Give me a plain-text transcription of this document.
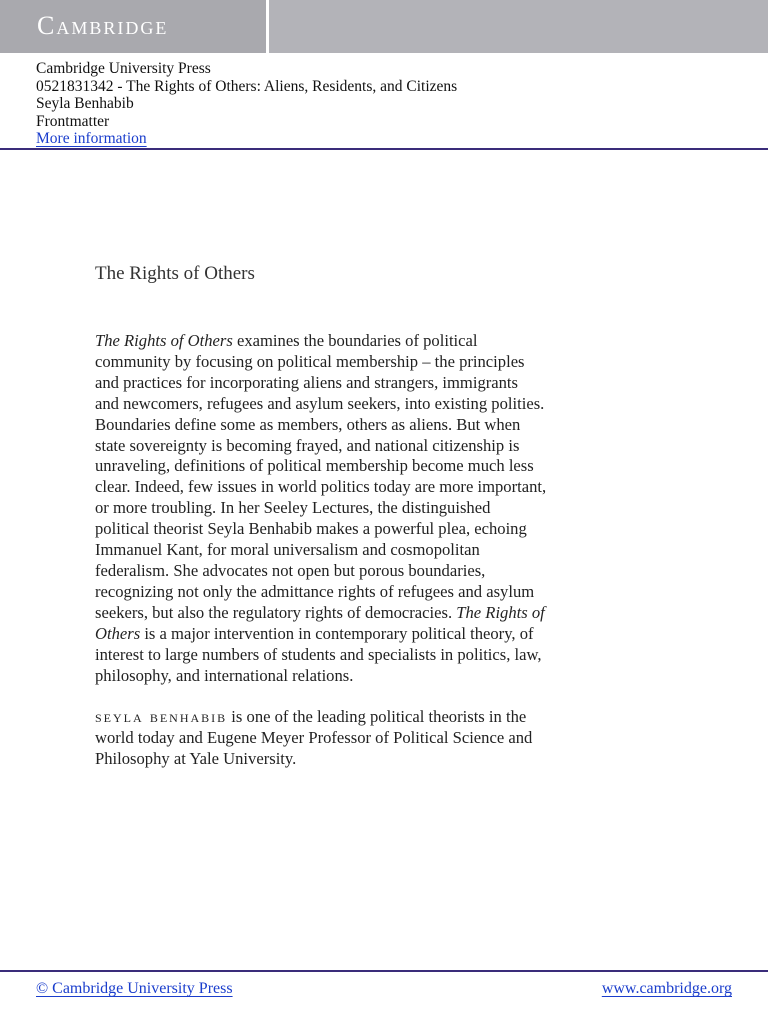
Cambridge
Cambridge University Press
0521831342 - The Rights of Others: Aliens, Residents, and Citizens
Seyla Benhabib
Frontmatter
More information
The Rights of Others
The Rights of Others examines the boundaries of political
community by focusing on political membership – the principles
and practices for incorporating aliens and strangers, immigrants
and newcomers, refugees and asylum seekers, into existing polities.
Boundaries define some as members, others as aliens. But when
state sovereignty is becoming frayed, and national citizenship is
unraveling, definitions of political membership become much less
clear. Indeed, few issues in world politics today are more important,
or more troubling. In her Seeley Lectures, the distinguished
political theorist Seyla Benhabib makes a powerful plea, echoing
Immanuel Kant, for moral universalism and cosmopolitan
federalism. She advocates not open but porous boundaries,
recognizing not only the admittance rights of refugees and asylum
seekers, but also the regulatory rights of democracies. The Rights of
Others is a major intervention in contemporary political theory, of
interest to large numbers of students and specialists in politics, law,
philosophy, and international relations.
seyla benhabib is one of the leading political theorists in the
world today and Eugene Meyer Professor of Political Science and
Philosophy at Yale University.
© Cambridge University Press	www.cambridge.org
